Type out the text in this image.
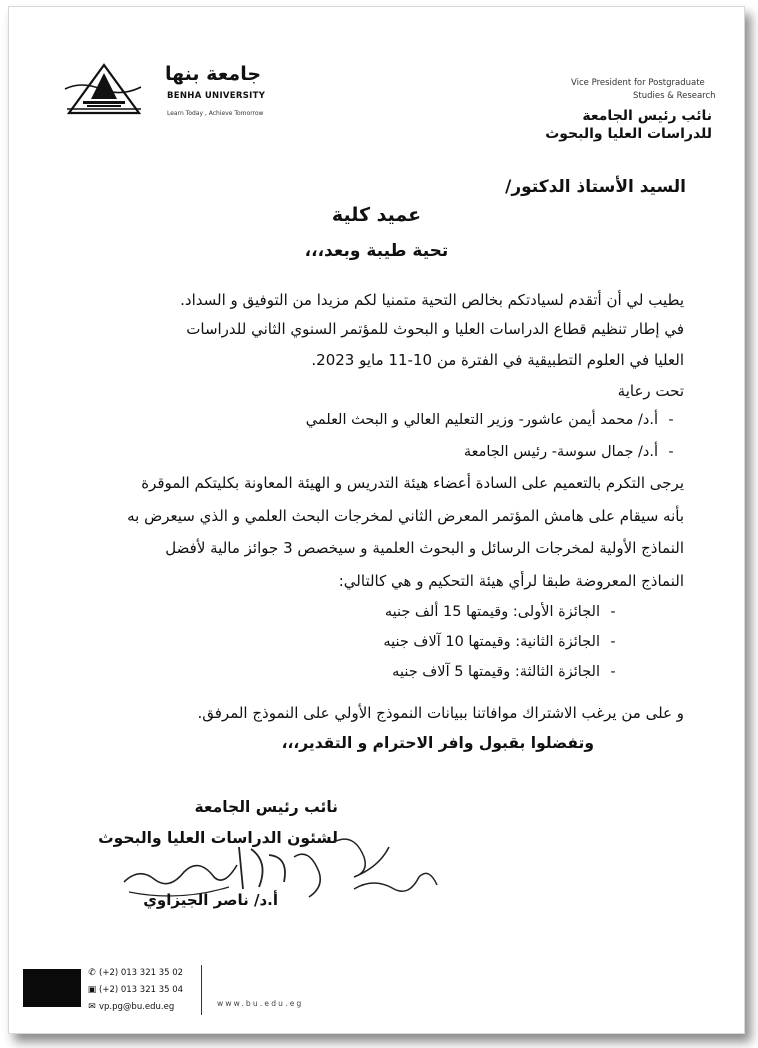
جامعة بنها
BENHA UNIVERSITY
Learn Today , Achieve Tomorrow
Vice President for Postgraduate
Studies & Research
نائب رئيس الجامعة
للدراسات العليا والبحوث
السيد الأستاذ الدكتور/
عميد كلية
تحية طيبة وبعد،،،
يطيب لي أن أتقدم لسيادتكم بخالص التحية متمنيا لكم مزيدا من التوفيق و السداد.
في إطار تنظيم قطاع الدراسات العليا و البحوث للمؤتمر السنوي الثاني للدراسات
العليا في العلوم التطبيقية في الفترة من 10-11 مايو 2023.
تحت رعاية
-أ.د/ محمد أيمن عاشور- وزير التعليم العالي و البحث العلمي
-أ.د/ جمال سوسة- رئيس الجامعة
يرجى التكرم بالتعميم على السادة أعضاء هيئة التدريس و الهيئة المعاونة بكليتكم الموقرة
بأنه سيقام على هامش المؤتمر المعرض الثاني لمخرجات البحث العلمي و الذي سيعرض به
النماذج الأولية لمخرجات الرسائل و البحوث العلمية و سيخصص 3 جوائز مالية لأفضل
النماذج المعروضة طبقا لرأي هيئة التحكيم و هي كالتالي:
-الجائزة الأولى: وقيمتها 15 ألف جنيه
-الجائزة الثانية: وقيمتها 10 آلاف جنيه
-الجائزة الثالثة: وقيمتها 5 آلاف جنيه
و على من يرغب الاشتراك موافاتنا ببيانات النموذج الأولي على النموذج المرفق.
وتفضلوا بقبول وافر الاحترام و التقدير،،،
نائب رئيس الجامعة
لشئون الدراسات العليا والبحوث
أ.د/ ناصر الجيزاوي
✆ (+2) 013 321 35 02
▣ (+2) 013 321 35 04
✉ vp.pg@bu.edu.eg	www.bu.edu.eg
